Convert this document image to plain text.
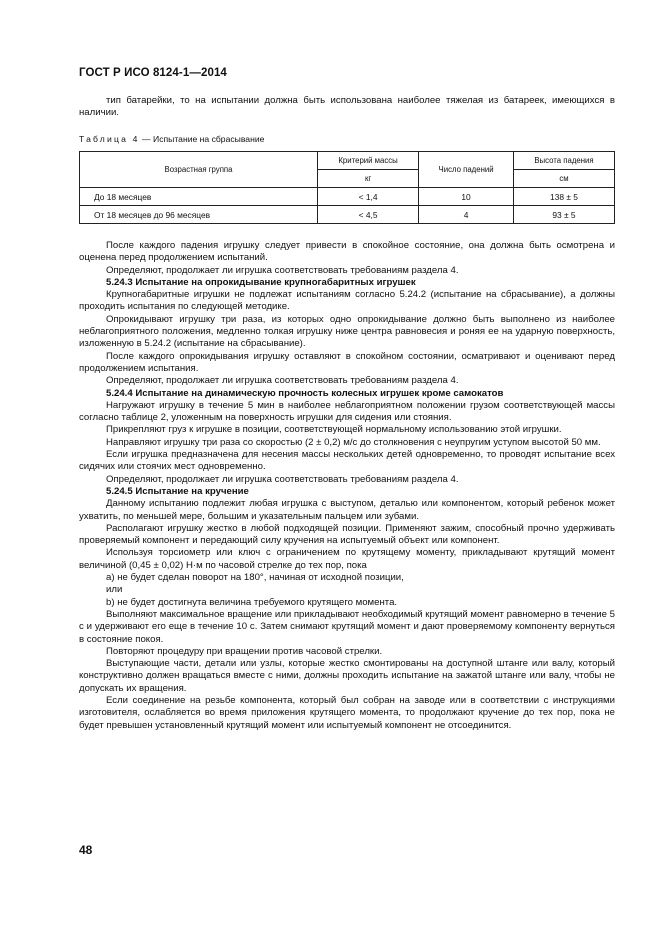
ГОСТ Р ИСО 8124-1—2014

тип батарейки, то на испытании должна быть использована наиболее тяжелая из батареек, имеющихся в наличии.

Таблица 4 — Испытание на сбрасывание
Возрастная группа	Критерий массы	Число падений	Высота падения
	кг		см
До 18 месяцев	< 1,4	10	138 ± 5
От 18 месяцев до 96 месяцев	< 4,5	4	93 ± 5

После каждого падения игрушку следует привести в спокойное состояние, она должна быть осмотрена и оценена перед продолжением испытаний.

Определяют, продолжает ли игрушка соответствовать требованиям раздела 4.

5.24.3 Испытание на опрокидывание крупногабаритных игрушек

Крупногабаритные игрушки не подлежат испытаниям согласно 5.24.2 (испытание на сбрасывание), а должны проходить испытания по следующей методике.

Опрокидывают игрушку три раза, из которых одно опрокидывание должно быть выполнено из наиболее неблагоприятного положения, медленно толкая игрушку ниже центра равновесия и роняя ее на ударную поверхность, изложенную в 5.24.2 (испытание на сбрасывание).

После каждого опрокидывания игрушку оставляют в спокойном состоянии, осматривают и оценивают перед продолжением испытания.

Определяют, продолжает ли игрушка соответствовать требованиям раздела 4.

5.24.4 Испытание на динамическую прочность колесных игрушек кроме самокатов

Нагружают игрушку в течение 5 мин в наиболее неблагоприятном положении грузом соответствующей массы согласно таблице 2, уложенным на поверхность игрушки для сидения или стояния.

Прикрепляют груз к игрушке в позиции, соответствующей нормальному использованию этой игрушки.

Направляют игрушку три раза со скоростью (2 ± 0,2) м/с до столкновения с неупругим уступом высотой 50 мм.

Если игрушка предназначена для несения массы нескольких детей одновременно, то проводят испытание всех сидячих или стоячих мест одновременно.

Определяют, продолжает ли игрушка соответствовать требованиям раздела 4.

5.24.5 Испытание на кручение

Данному испытанию подлежит любая игрушка с выступом, деталью или компонентом, который ребенок может ухватить, по меньшей мере, большим и указательным пальцем или зубами.

Располагают игрушку жестко в любой подходящей позиции. Применяют зажим, способный прочно удерживать проверяемый компонент и передающий силу кручения на испытуемый объект или компонент.

Используя торсиометр или ключ с ограничением по крутящему моменту, прикладывают крутящий момент величиной (0,45 ± 0,02) Н·м по часовой стрелке до тех пор, пока

a) не будет сделан поворот на 180°, начиная от исходной позиции,

или

b) не будет достигнута величина требуемого крутящего момента.

Выполняют максимальное вращение или прикладывают необходимый крутящий момент равномерно в течение 5 с и удерживают его еще в течение 10 с. Затем снимают крутящий момент и дают проверяемому компоненту вернуться в состояние покоя.

Повторяют процедуру при вращении против часовой стрелки.

Выступающие части, детали или узлы, которые жестко смонтированы на доступной штанге или валу, который конструктивно должен вращаться вместе с ними, должны проходить испытание на зажатой штанге или валу, чтобы не допускать их вращения.

Если соединение на резьбе компонента, который был собран на заводе или в соответствии с инструкциями изготовителя, ослабляется во время приложения крутящего момента, то продолжают кручение до тех пор, пока не будет превышен установленный крутящий момент или испытуемый компонент не отсоединится.

48
